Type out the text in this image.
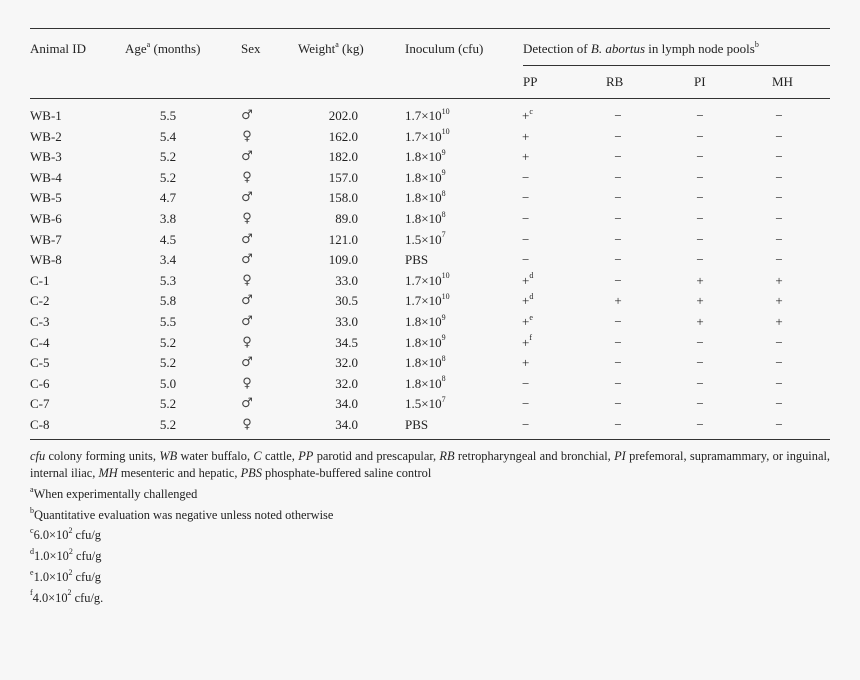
Animal ID	Age$^a$ (months)	Sex	Weight$^a$ (kg)	Inoculum (cfu)	Detection of B. abortus in lymph node pools$^b$
PP	RB	PI	MH
WB-1	5.5	♂	202.0	$1.7\times 10^{10}$	+$^c$	−	−	−
WB-2	5.4	♀	162.0	$1.7\times 10^{10}$	+	−	−	−
WB-3	5.2	♂	182.0	$1.8\times 10^9$	+	−	−	−
WB-4	5.2	♀	157.0	$1.8\times 10^9$	−	−	−	−
WB-5	4.7	♂	158.0	$1.8\times 10^8$	−	−	−	−
WB-6	3.8	♀	89.0	$1.8\times 10^8$	−	−	−	−
WB-7	4.5	♂	121.0	$1.5\times 10^7$	−	−	−	−
WB-8	3.4	♂	109.0	PBS	−	−	−	−
C-1	5.3	♀	33.0	$1.7\times 10^{10}$	+$^d$	−	+	+
C-2	5.8	♂	30.5	$1.7\times 10^{10}$	+$^d$	+	+	+
C-3	5.5	♂	33.0	$1.8\times 10^9$	+$^e$	−	+	+
C-4	5.2	♀	34.5	$1.8\times 10^9$	+$^f$	−	−	−
C-5	5.2	♂	32.0	$1.8\times 10^8$	+	−	−	−
C-6	5.0	♀	32.0	$1.8\times 10^8$	−	−	−	−
C-7	5.2	♂	34.0	$1.5\times 10^7$	−	−	−	−
C-8	5.2	♀	34.0	PBS	−	−	−	−
cfu colony forming units, WB water buffalo, C cattle, PP parotid and prescapular, RB retropharyngeal and bronchial, PI prefemoral, supramammary, or inguinal, internal iliac, MH mesenteric and hepatic, PBS phosphate-buffered saline control
$^a$When experimentally challenged
$^b$Quantitative evaluation was negative unless noted otherwise
$^c6.0\times 10^2$ cfu/g
$^d1.0\times 10^2$ cfu/g
$^e1.0\times 10^2$ cfu/g
$^f4.0\times 10^2$ cfu/g.
